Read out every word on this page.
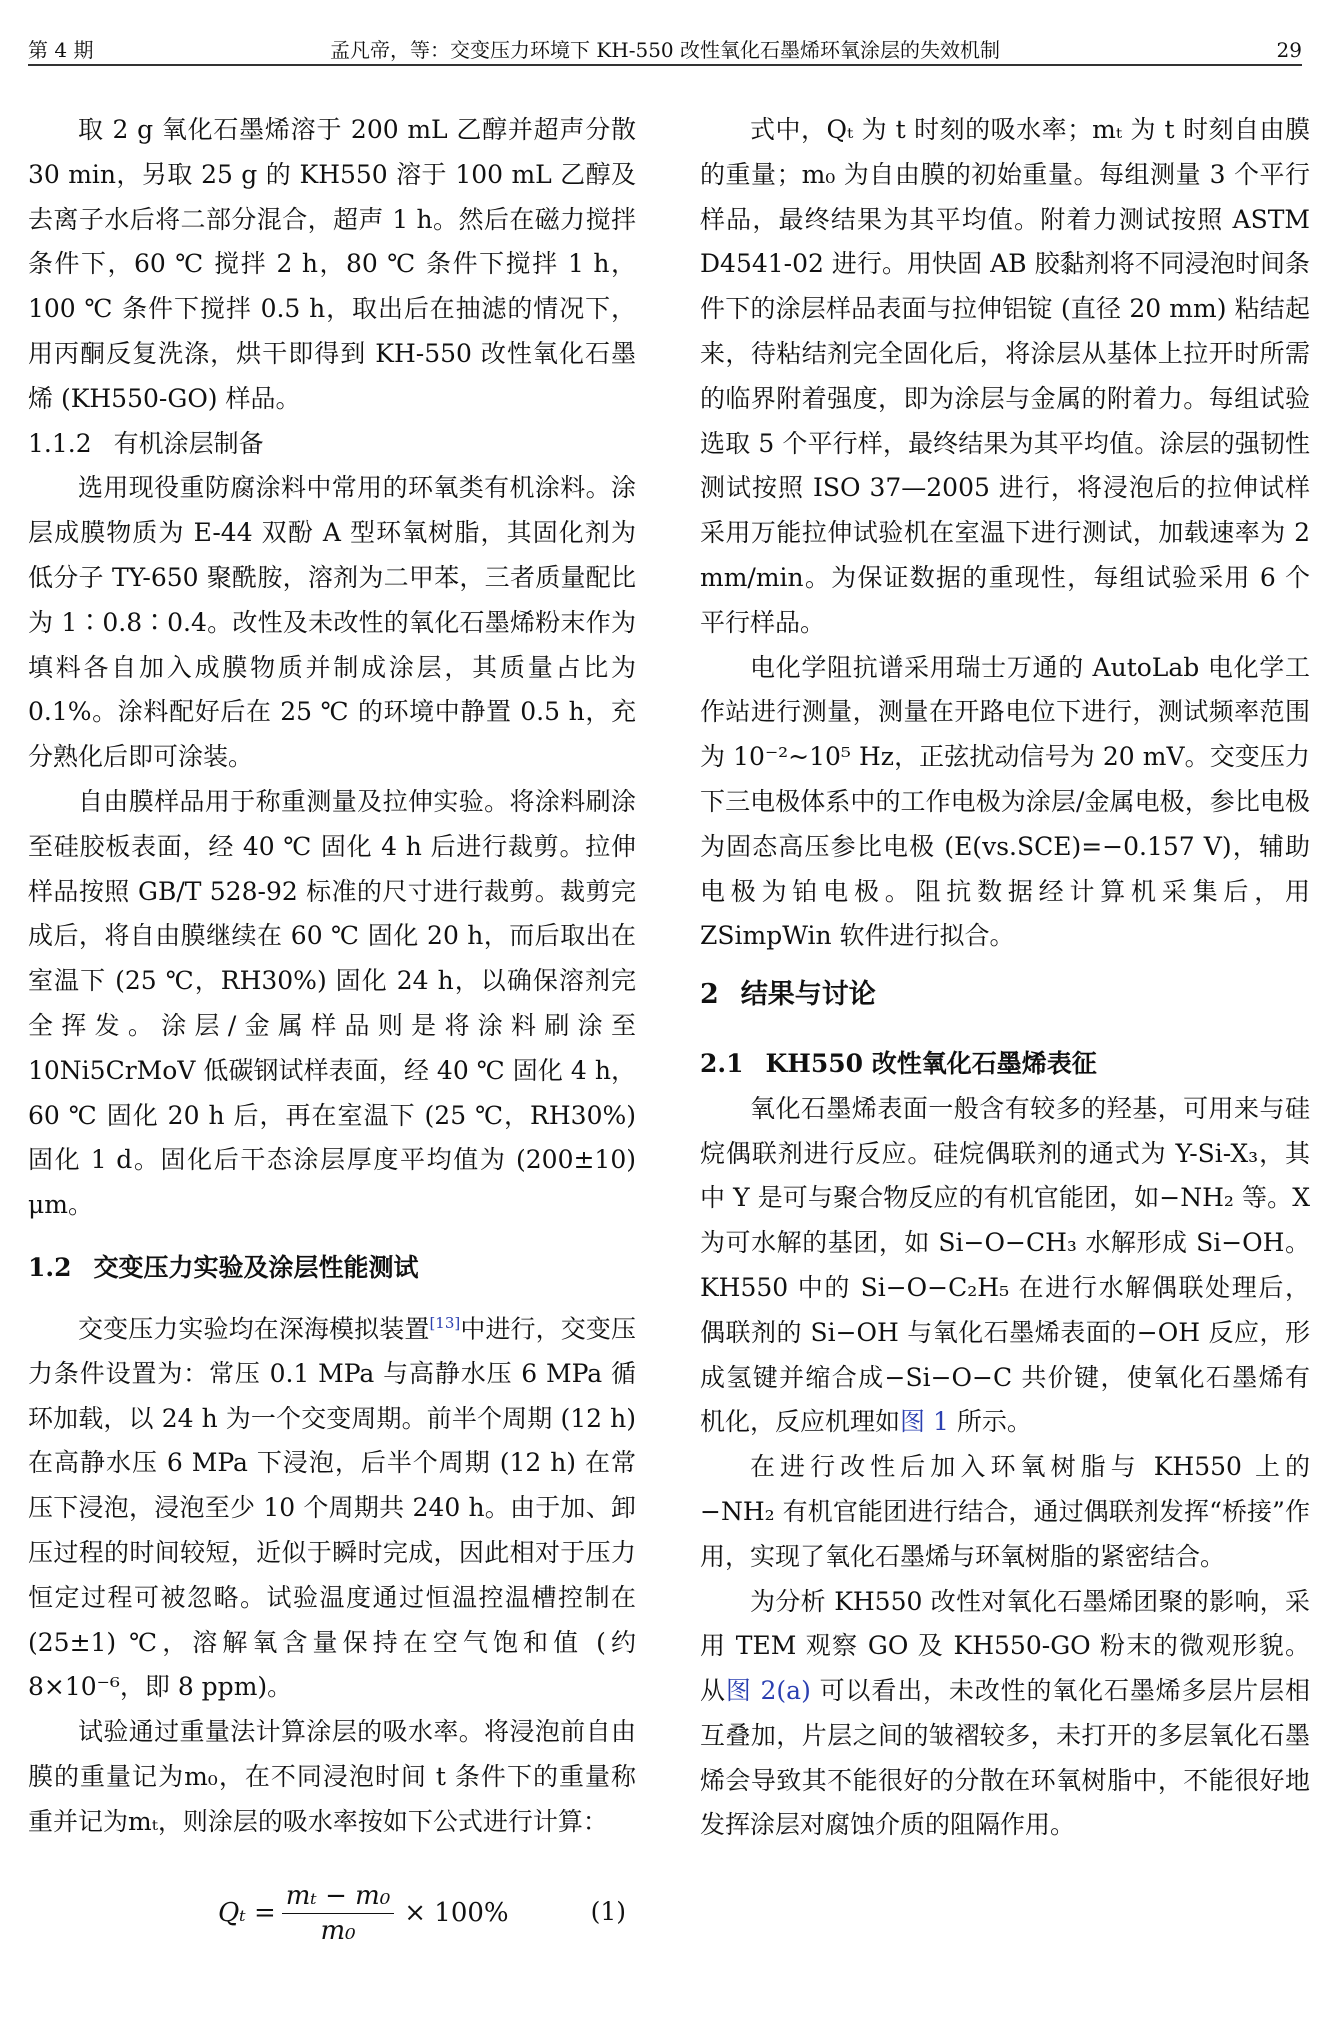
第 4 期	孟凡帝，等：交变压力环境下 KH-550 改性氧化石墨烯环氧涂层的失效机制	29

取 2 g 氧化石墨烯溶于 200 mL 乙醇并超声分散 30 min，另取 25 g 的 KH550 溶于 100 mL 乙醇及去离子水后将二部分混合，超声 1 h。然后在磁力搅拌条件下，60 ℃ 搅拌 2 h，80 ℃ 条件下搅拌 1 h，100 ℃ 条件下搅拌 0.5 h，取出后在抽滤的情况下，用丙酮反复洗涤，烘干即得到 KH-550 改性氧化石墨烯 (KH550-GO) 样品。

1.1.2 有机涂层制备

选用现役重防腐涂料中常用的环氧类有机涂料。涂层成膜物质为 E-44 双酚 A 型环氧树脂，其固化剂为低分子 TY-650 聚酰胺，溶剂为二甲苯，三者质量配比为 1∶0.8∶0.4。改性及未改性的氧化石墨烯粉末作为填料各自加入成膜物质并制成涂层，其质量占比为 0.1%。涂料配好后在 25 ℃ 的环境中静置 0.5 h，充分熟化后即可涂装。

自由膜样品用于称重测量及拉伸实验。将涂料刷涂至硅胶板表面，经 40 ℃ 固化 4 h 后进行裁剪。拉伸样品按照 GB/T 528-92 标准的尺寸进行裁剪。裁剪完成后，将自由膜继续在 60 ℃ 固化 20 h，而后取出在室温下 (25 ℃，RH30%) 固化 24 h，以确保溶剂完全挥发。涂层/金属样品则是将涂料刷涂至 10Ni5CrMoV 低碳钢试样表面，经 40 ℃ 固化 4 h，60 ℃ 固化 20 h 后，再在室温下 (25 ℃，RH30%) 固化 1 d。固化后干态涂层厚度平均值为 (200±10) μm。

1.2 交变压力实验及涂层性能测试

交变压力实验均在深海模拟装置[13]中进行，交变压力条件设置为：常压 0.1 MPa 与高静水压 6 MPa 循环加载，以 24 h 为一个交变周期。前半个周期 (12 h) 在高静水压 6 MPa 下浸泡，后半个周期 (12 h) 在常压下浸泡，浸泡至少 10 个周期共 240 h。由于加、卸压过程的时间较短，近似于瞬时完成，因此相对于压力恒定过程可被忽略。试验温度通过恒温控温槽控制在 (25±1) ℃，溶解氧含量保持在空气饱和值 (约 8×10⁻⁶，即 8 ppm)。

试验通过重量法计算涂层的吸水率。将浸泡前自由膜的重量记为m₀，在不同浸泡时间 t 条件下的重量称重并记为mₜ，则涂层的吸水率按如下公式进行计算：

$Q_t = \frac{\text{mₜ − m₀}}{\text{m₀}} \times 100\%$	(1)

式中，Qₜ 为 t 时刻的吸水率；mₜ 为 t 时刻自由膜的重量；m₀ 为自由膜的初始重量。每组测量 3 个平行样品，最终结果为其平均值。附着力测试按照 ASTM D4541-02 进行。用快固 AB 胶黏剂将不同浸泡时间条件下的涂层样品表面与拉伸铝锭 (直径 20 mm) 粘结起来，待粘结剂完全固化后，将涂层从基体上拉开时所需的临界附着强度，即为涂层与金属的附着力。每组试验选取 5 个平行样，最终结果为其平均值。涂层的强韧性测试按照 ISO 37—2005 进行，将浸泡后的拉伸试样采用万能拉伸试验机在室温下进行测试，加载速率为 2 mm/min。为保证数据的重现性，每组试验采用 6 个平行样品。

电化学阻抗谱采用瑞士万通的 AutoLab 电化学工作站进行测量，测量在开路电位下进行，测试频率范围为 10⁻²~10⁵ Hz，正弦扰动信号为 20 mV。交变压力下三电极体系中的工作电极为涂层/金属电极，参比电极为固态高压参比电极 (E(vs.SCE)=−0.157 V)，辅助电极为铂电极。阻抗数据经计算机采集后，用 ZSimpWin 软件进行拟合。

2 结果与讨论
2.1 KH550 改性氧化石墨烯表征

氧化石墨烯表面一般含有较多的羟基，可用来与硅烷偶联剂进行反应。硅烷偶联剂的通式为 Y-Si-X₃，其中 Y 是可与聚合物反应的有机官能团，如−NH₂ 等。X 为可水解的基团，如 Si−O−CH₃ 水解形成 Si−OH。KH550 中的 Si−O−C₂H₅ 在进行水解偶联处理后，偶联剂的 Si−OH 与氧化石墨烯表面的−OH 反应，形成氢键并缩合成−Si−O−C 共价键，使氧化石墨烯有机化，反应机理如图 1 所示。

在进行改性后加入环氧树脂与 KH550 上的 −NH₂ 有机官能团进行结合，通过偶联剂发挥“桥接”作用，实现了氧化石墨烯与环氧树脂的紧密结合。

为分析 KH550 改性对氧化石墨烯团聚的影响，采用 TEM 观察 GO 及 KH550-GO 粉末的微观形貌。从图 2(a) 可以看出，未改性的氧化石墨烯多层片层相互叠加，片层之间的皱褶较多，未打开的多层氧化石墨烯会导致其不能很好的分散在环氧树脂中，不能很好地发挥涂层对腐蚀介质的阻隔作用。
